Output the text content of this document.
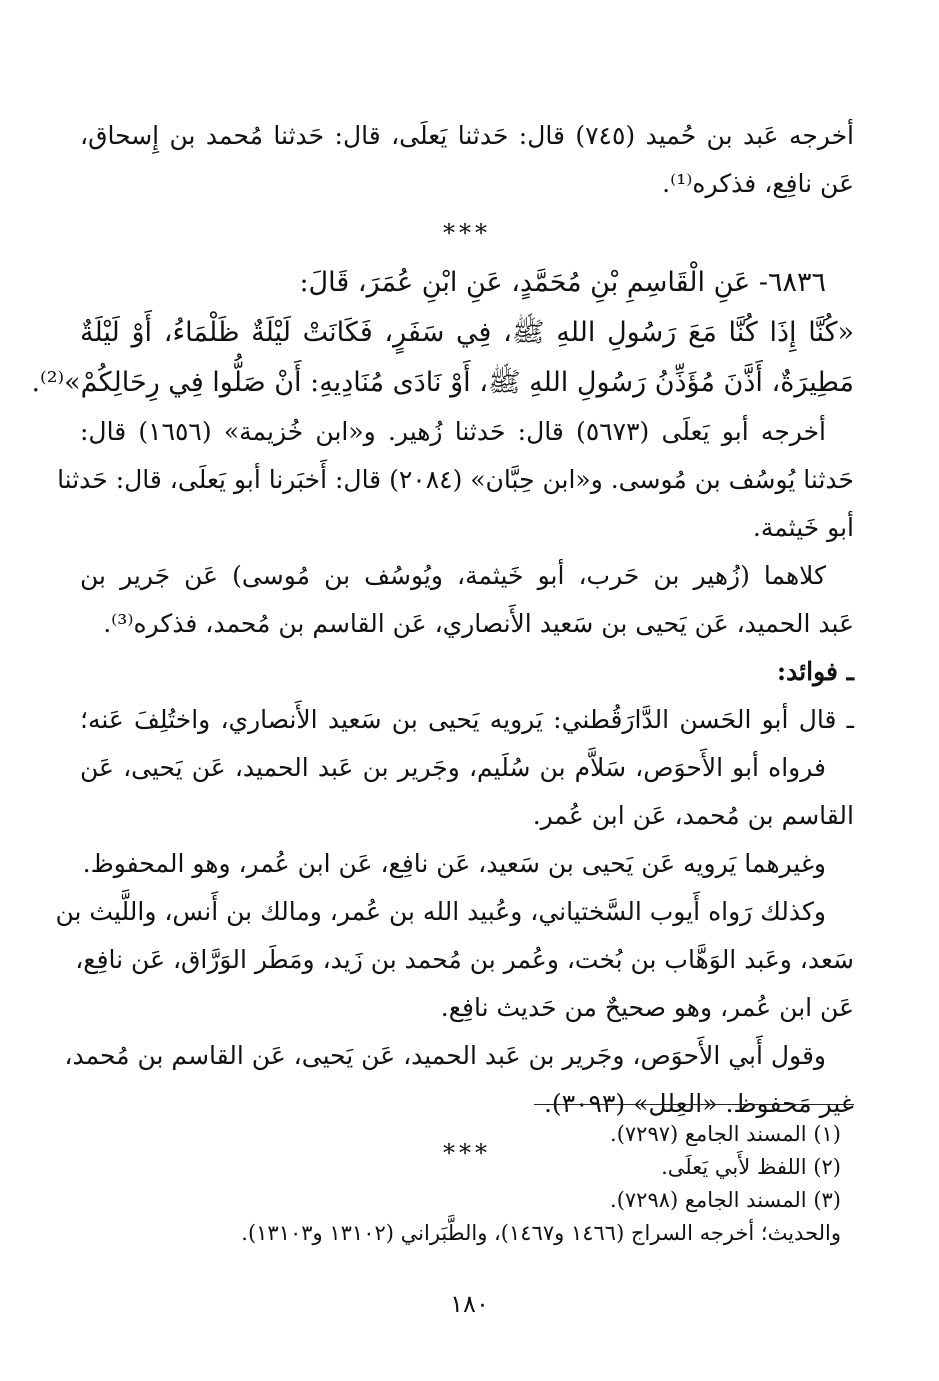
أخرجه عَبد بن حُميد (٧٤٥) قال: حَدثنا يَعلَى، قال: حَدثنا مُحمد بن إِسحاق،
عَن نافِع، فذكره⁽¹⁾.
***
٦٨٣٦- عَنِ الْقَاسِمِ بْنِ مُحَمَّدٍ، عَنِ ابْنِ عُمَرَ، قَالَ:
«كُنَّا إِذَا كُنَّا مَعَ رَسُولِ اللهِ ﷺ، فِي سَفَرٍ، فَكَانَتْ لَيْلَةٌ ظَلْمَاءُ، أَوْ لَيْلَةٌ
مَطِيرَةٌ، أَذَّنَ مُؤَذِّنُ رَسُولِ اللهِ ﷺ، أَوْ نَادَى مُنَادِيهِ: أَنْ صَلُّوا فِي رِحَالِكُمْ»⁽²⁾.
أخرجه أبو يَعلَى (٥٦٧٣) قال: حَدثنا زُهير. و«ابن خُزيمة» (١٦٥٦) قال:
حَدثنا يُوسُف بن مُوسى. و«ابن حِبَّان» (٢٠٨٤) قال: أَخبَرنا أبو يَعلَى، قال: حَدثنا
أبو خَيثمة.
كلاهما (زُهير بن حَرب، أبو خَيثمة، ويُوسُف بن مُوسى) عَن جَرير بن
عَبد الحميد، عَن يَحيى بن سَعيد الأَنصاري، عَن القاسم بن مُحمد، فذكره⁽³⁾.
ـ فوائد:
ـ قال أبو الحَسن الدَّارَقُطني: يَرويه يَحيى بن سَعيد الأَنصاري، واختُلِفَ عَنه؛
فرواه أبو الأَحوَص، سَلاَّم بن سُلَيم، وجَرير بن عَبد الحميد، عَن يَحيى، عَن
القاسم بن مُحمد، عَن ابن عُمر.
وغيرهما يَرويه عَن يَحيى بن سَعيد، عَن نافِع، عَن ابن عُمر، وهو المحفوظ.
وكذلك رَواه أَيوب السَّختياني، وعُبيد الله بن عُمر، ومالك بن أَنس، واللَّيث بن
سَعد، وعَبد الوَهَّاب بن بُخت، وعُمر بن مُحمد بن زَيد، ومَطَر الوَرَّاق، عَن نافِع،
عَن ابن عُمر، وهو صحيحٌ من حَديث نافِع.
وقول أَبي الأَحوَص، وجَرير بن عَبد الحميد، عَن يَحيى، عَن القاسم بن مُحمد،
غير مَحفوظ. «العِلل» (٣٠٩٣).
***
(١) المسند الجامع (٧٢٩٧).
(٢) اللفظ لأَبي يَعلَى.
(٣) المسند الجامع (٧٢٩٨).
والحديث؛ أخرجه السراج (١٤٦٦ و١٤٦٧)، والطَّبَراني (١٣١٠٢ و١٣١٠٣).
١٨٠
